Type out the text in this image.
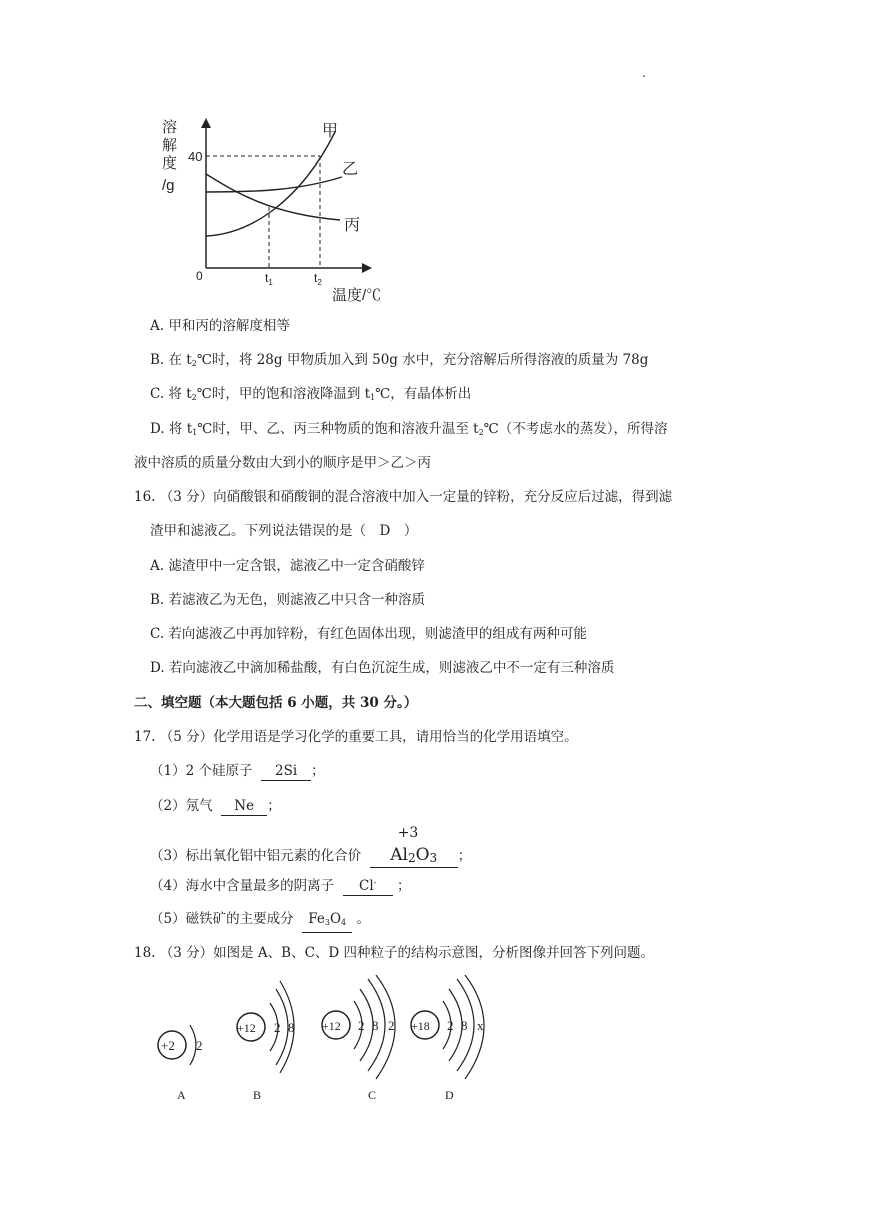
.
溶
解
度
/g
0
40
$t_1$	$t_2$
温度/℃
甲
乙
丙
A. 甲和丙的溶解度相等
B. 在 $t_2℃$时，将 28g 甲物质加入到 50g 水中，充分溶解后所得溶液的质量为 78g
C. 将 $t_2℃$时，甲的饱和溶液降温到 $t_1℃$，有晶体析出
D. 将 $t_1℃$时，甲、乙、丙三种物质的饱和溶液升温至 $t_2℃$（不考虑水的蒸发），所得溶
液中溶质的质量分数由大到小的顺序是甲＞乙＞丙
16. （3 分）向硝酸银和硝酸铜的混合溶液中加入一定量的锌粉，充分反应后过滤，得到滤
渣甲和滤液乙。下列说法错误的是（　D　）
A. 滤渣甲中一定含银，滤液乙中一定含硝酸锌
B. 若滤液乙为无色，则滤液乙中只含一种溶质
C. 若向滤液乙中再加锌粉，有红色固体出现，则滤渣甲的组成有两种可能
D. 若向滤液乙中滴加稀盐酸，有白色沉淀生成，则滤液乙中不一定有三种溶质
二、填空题（本大题包括 6 小题，共 30 分。）
17. （5 分）化学用语是学习化学的重要工具，请用恰当的化学用语填空。
（1）2 个硅原子 2Si ；
（2）氖气 Ne ；
（3）标出氧化铝中铝元素的化合价
+3
Al2O3 ；
（4）海水中含量最多的阴离子 Cl- ；
（5）磁铁矿的主要成分 $Fe_3O_4$ 。
18. （3 分）如图是 A、B、C、D 四种粒子的结构示意图，分析图像并回答下列问题。
+2 2
A
+12 2 8
B
+12 2 8 2
C
+18 2 8 x
D
